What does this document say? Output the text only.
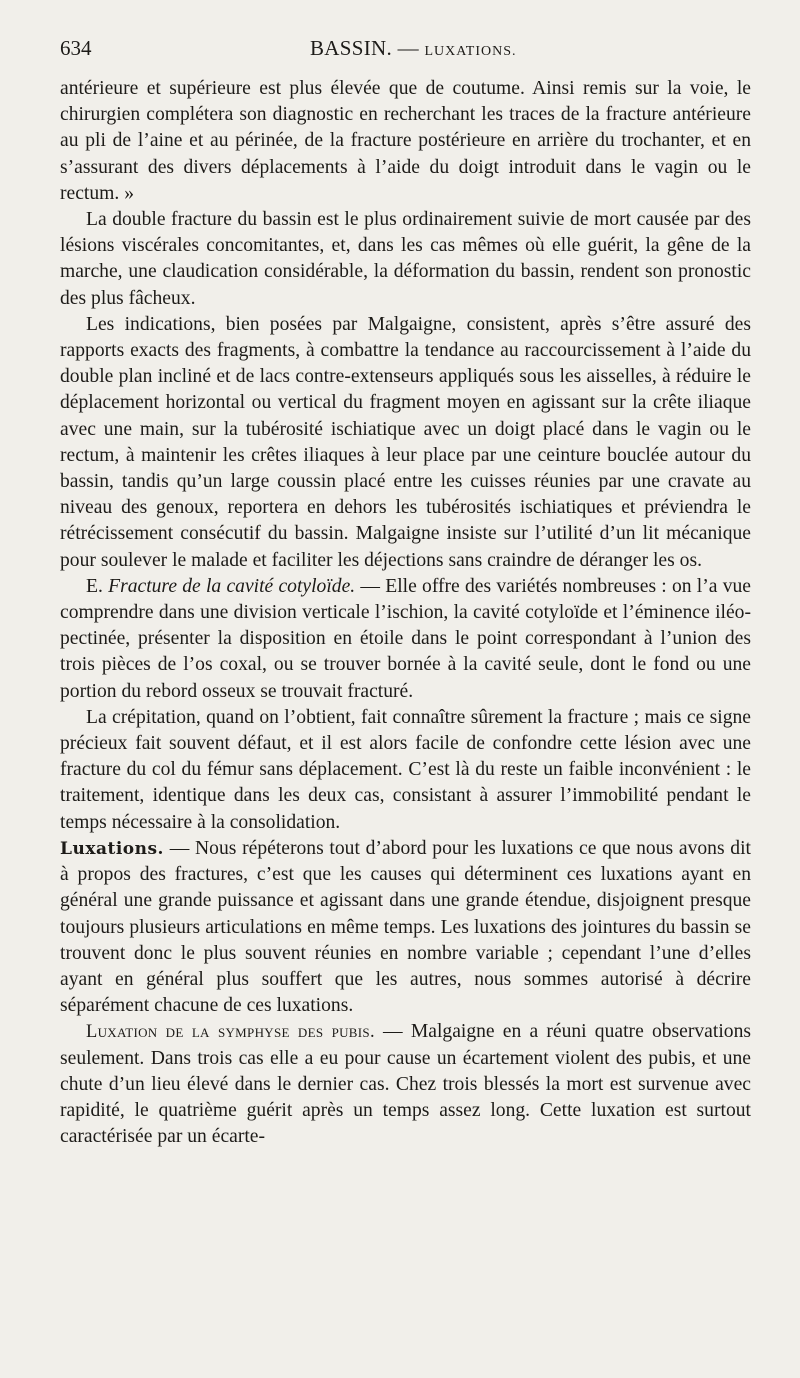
634	BASSIN. — LUXATIONS.

antérieure et supérieure est plus élevée que de coutume. Ainsi remis sur la voie, le chirurgien complétera son diagnostic en recherchant les traces de la fracture antérieure au pli de l’aine et au périnée, de la fracture postérieure en arrière du trochanter, et en s’assurant des divers déplacements à l’aide du doigt introduit dans le vagin ou le rectum. »

La double fracture du bassin est le plus ordinairement suivie de mort causée par des lésions viscérales concomitantes, et, dans les cas mêmes où elle guérit, la gêne de la marche, une claudication considérable, la déformation du bassin, rendent son pronostic des plus fâcheux.

Les indications, bien posées par Malgaigne, consistent, après s’être assuré des rapports exacts des fragments, à combattre la tendance au raccourcissement à l’aide du double plan incliné et de lacs contre-extenseurs appliqués sous les aisselles, à réduire le déplacement horizontal ou vertical du fragment moyen en agissant sur la crête iliaque avec une main, sur la tubérosité ischiatique avec un doigt placé dans le vagin ou le rectum, à maintenir les crêtes iliaques à leur place par une ceinture bouclée autour du bassin, tandis qu’un large coussin placé entre les cuisses réunies par une cravate au niveau des genoux, reportera en dehors les tubérosités ischiatiques et préviendra le rétrécissement consécutif du bassin. Malgaigne insiste sur l’utilité d’un lit mécanique pour soulever le malade et faciliter les déjections sans craindre de déranger les os.

E. Fracture de la cavité cotyloïde. — Elle offre des variétés nombreuses : on l’a vue comprendre dans une division verticale l’ischion, la cavité cotyloïde et l’éminence iléo-pectinée, présenter la disposition en étoile dans le point correspondant à l’union des trois pièces de l’os coxal, ou se trouver bornée à la cavité seule, dont le fond ou une portion du rebord osseux se trouvait fracturé.

La crépitation, quand on l’obtient, fait connaître sûrement la fracture ; mais ce signe précieux fait souvent défaut, et il est alors facile de confondre cette lésion avec une fracture du col du fémur sans déplacement. C’est là du reste un faible inconvénient : le traitement, identique dans les deux cas, consistant à assurer l’immobilité pendant le temps nécessaire à la consolidation.

Luxations. — Nous répéterons tout d’abord pour les luxations ce que nous avons dit à propos des fractures, c’est que les causes qui déterminent ces luxations ayant en général une grande puissance et agissant dans une grande étendue, disjoignent presque toujours plusieurs articulations en même temps. Les luxations des jointures du bassin se trouvent donc le plus souvent réunies en nombre variable ; cependant l’une d’elles ayant en général plus souffert que les autres, nous sommes autorisé à décrire séparément chacune de ces luxations.

Luxation de la symphyse des pubis. — Malgaigne en a réuni quatre observations seulement. Dans trois cas elle a eu pour cause un écartement violent des pubis, et une chute d’un lieu élevé dans le dernier cas. Chez trois blessés la mort est survenue avec rapidité, le quatrième guérit après un temps assez long. Cette luxation est surtout caractérisée par un écarte-
